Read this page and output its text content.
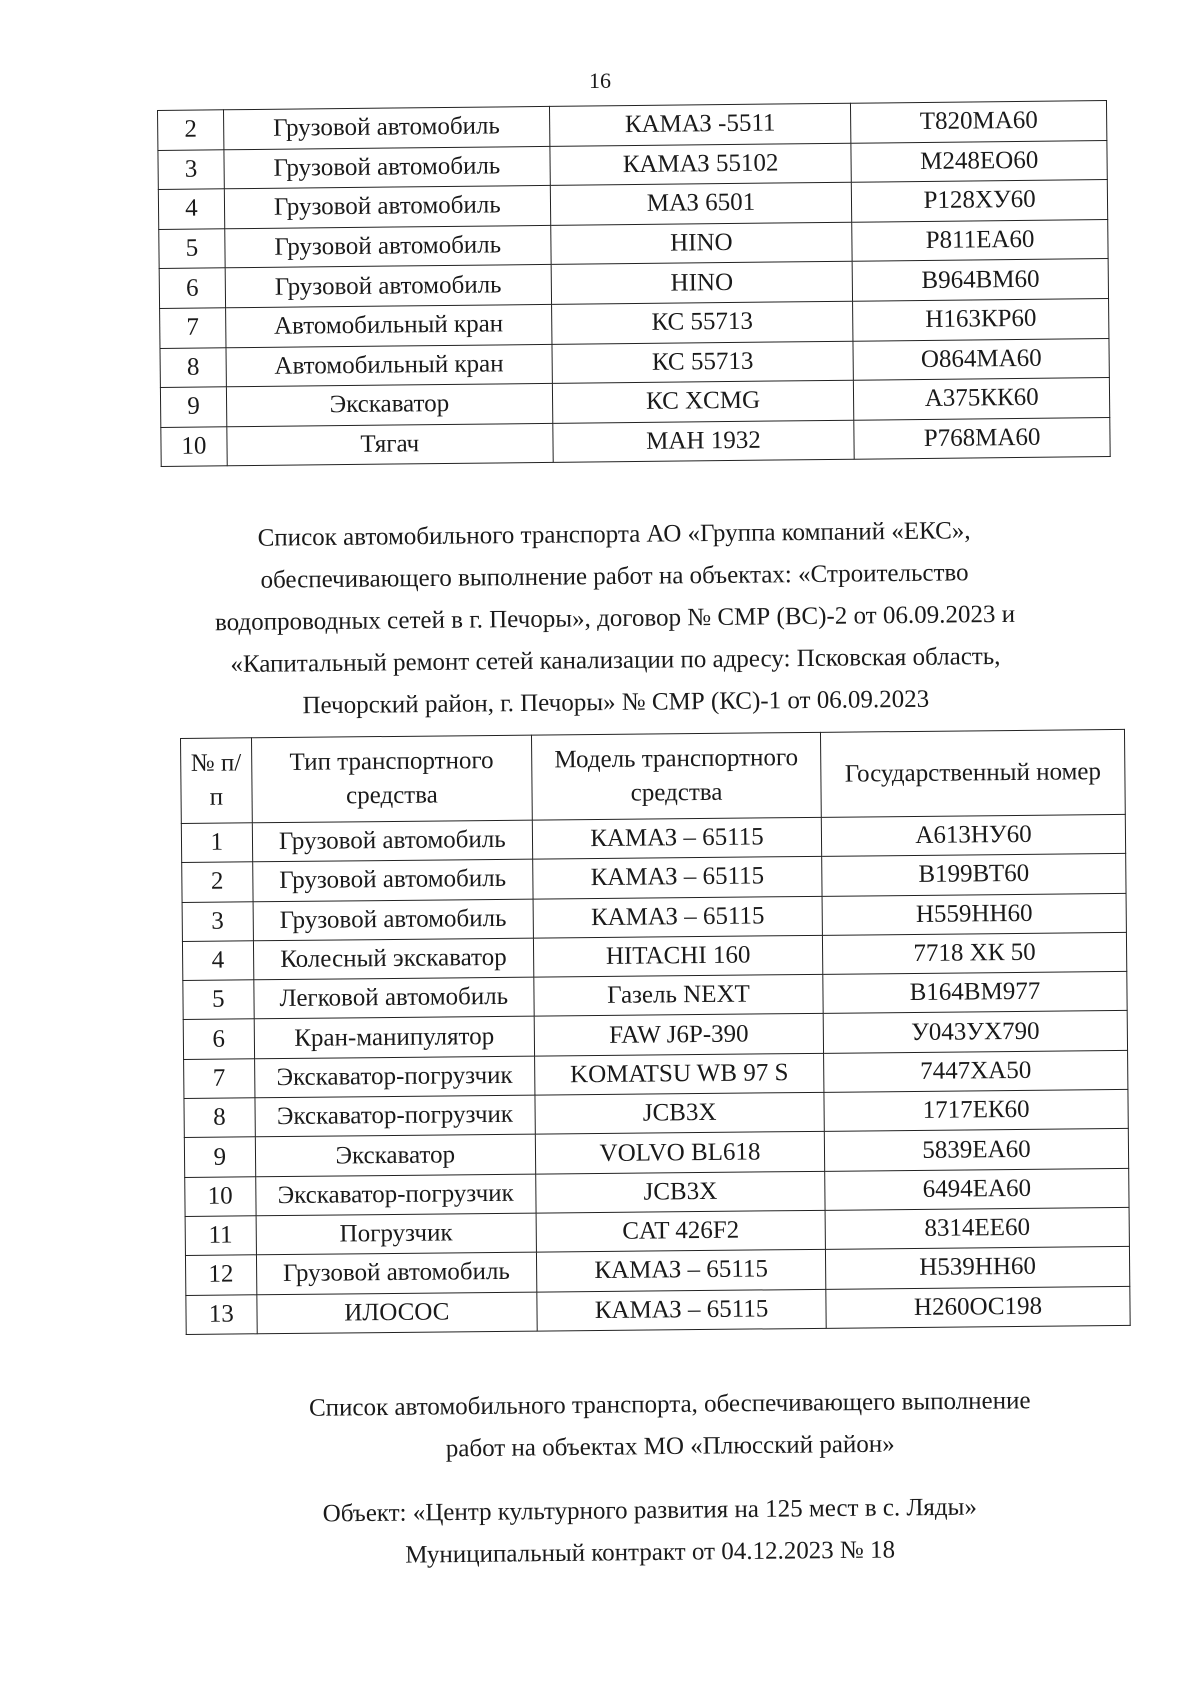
16
2	Грузовой автомобиль	КАМАЗ -5511	Т820МА60
3	Грузовой автомобиль	КАМАЗ 55102	М248ЕО60
4	Грузовой автомобиль	МАЗ 6501	Р128ХУ60
5	Грузовой автомобиль	HINO	Р811ЕА60
6	Грузовой автомобиль	HINO	В964ВМ60
7	Автомобильный кран	КС 55713	Н163КР60
8	Автомобильный кран	КС 55713	О864МА60
9	Экскаватор	КС XCMG	А375КК60
10	Тягач	МАН 1932	Р768МА60
Список автомобильного транспорта АО «Группа компаний «ЕКС»,
обеспечивающего выполнение работ на объектах: «Строительство
водопроводных сетей в г. Печоры», договор № СМР (ВС)-2 от 06.09.2023 и
«Капитальный ремонт сетей канализации по адресу: Псковская область,
Печорский район, г. Печоры» № СМР (КС)-1 от 06.09.2023
№ п/п	Тип транспортного средства	Модель транспортного средства	Государственный номер
1	Грузовой автомобиль	КАМАЗ – 65115	А613НУ60
2	Грузовой автомобиль	КАМАЗ – 65115	В199ВТ60
3	Грузовой автомобиль	КАМАЗ – 65115	Н559НН60
4	Колесный экскаватор	HITACHI 160	7718 ХК 50
5	Легковой автомобиль	Газель NEXT	В164ВМ977
6	Кран-манипулятор	FAW J6P-390	У043УХ790
7	Экскаватор-погрузчик	KOMATSU WB 97 S	7447ХА50
8	Экскаватор-погрузчик	JCB3X	1717ЕК60
9	Экскаватор	VOLVO BL618	5839ЕА60
10	Экскаватор-погрузчик	JCB3X	6494ЕА60
11	Погрузчик	CAT 426F2	8314ЕЕ60
12	Грузовой автомобиль	КАМАЗ – 65115	Н539НН60
13	ИЛОСОС	КАМАЗ – 65115	Н260ОС198
Список автомобильного транспорта, обеспечивающего выполнение
работ на объектах МО «Плюсский район»
Объект: «Центр культурного развития на 125 мест в с. Ляды»
Муниципальный контракт от 04.12.2023 № 18
